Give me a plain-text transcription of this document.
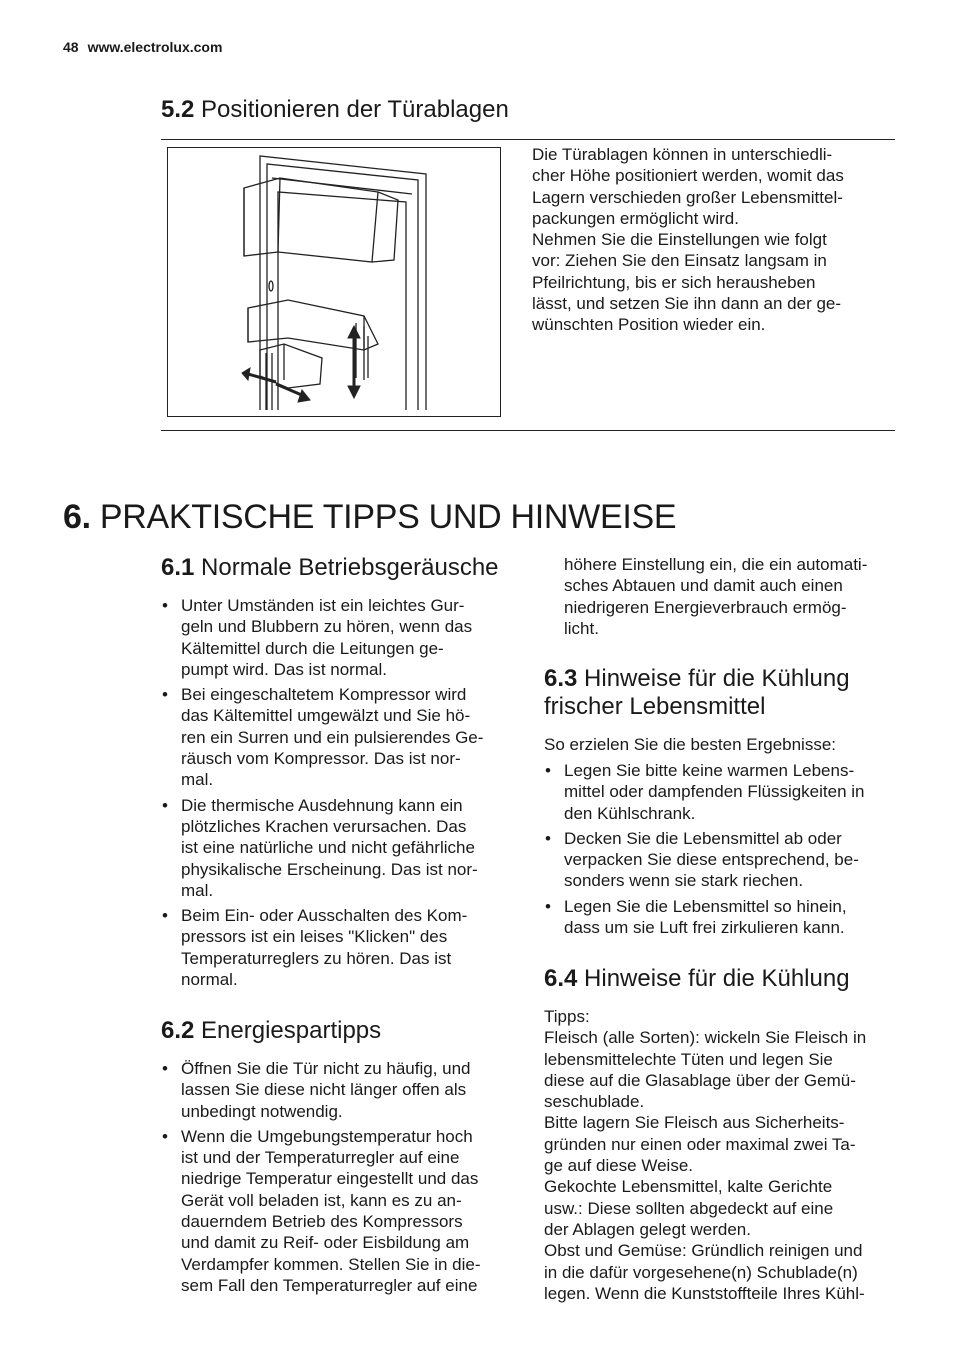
48 www.electrolux.com
5.2 Positionieren der Türablagen

Die Türablagen können in unterschiedli-

cher Höhe positioniert werden, womit das

Lagern verschieden großer Lebensmittel-

packungen ermöglicht wird.

Nehmen Sie die Einstellungen wie folgt

vor: Ziehen Sie den Einsatz langsam in

Pfeilrichtung, bis er sich herausheben

lässt, und setzen Sie ihn dann an der ge-

wünschten Position wieder ein.

6. PRAKTISCHE TIPPS UND HINWEISE
6.1 Normale Betriebsgeräusche
• Unter Umständen ist ein leichtes Gur-
geln und Blubbern zu hören, wenn das
Kältemittel durch die Leitungen ge-
pumpt wird. Das ist normal.
• Bei eingeschaltetem Kompressor wird
das Kältemittel umgewälzt und Sie hö-
ren ein Surren und ein pulsierendes Ge-
räusch vom Kompressor. Das ist nor-
mal.
• Die thermische Ausdehnung kann ein
plötzliches Krachen verursachen. Das
ist eine natürliche und nicht gefährliche
physikalische Erscheinung. Das ist nor-
mal.
• Beim Ein- oder Ausschalten des Kom-
pressors ist ein leises "Klicken" des
Temperaturreglers zu hören. Das ist
normal.
6.2 Energiespartipps
• Öffnen Sie die Tür nicht zu häufig, und
lassen Sie diese nicht länger offen als
unbedingt notwendig.
• Wenn die Umgebungstemperatur hoch
ist und der Temperaturregler auf eine
niedrige Temperatur eingestellt und das
Gerät voll beladen ist, kann es zu an-
dauerndem Betrieb des Kompressors
und damit zu Reif- oder Eisbildung am
Verdampfer kommen. Stellen Sie in die-
sem Fall den Temperaturregler auf eine

höhere Einstellung ein, die ein automati-

sches Abtauen und damit auch einen

niedrigeren Energieverbrauch ermög-

licht.

6.3 Hinweise für die Kühlung
frischer Lebensmittel
So erzielen Sie die besten Ergebnisse:
• Legen Sie bitte keine warmen Lebens-
mittel oder dampfenden Flüssigkeiten in
den Kühlschrank.
• Decken Sie die Lebensmittel ab oder
verpacken Sie diese entsprechend, be-
sonders wenn sie stark riechen.
• Legen Sie die Lebensmittel so hinein,
dass um sie Luft frei zirkulieren kann.
6.4 Hinweise für die Kühlung

Tipps:

Fleisch (alle Sorten): wickeln Sie Fleisch in

lebensmittelechte Tüten und legen Sie

diese auf die Glasablage über der Gemü-

seschublade.

Bitte lagern Sie Fleisch aus Sicherheits-

gründen nur einen oder maximal zwei Ta-

ge auf diese Weise.

Gekochte Lebensmittel, kalte Gerichte

usw.: Diese sollten abgedeckt auf eine

der Ablagen gelegt werden.

Obst und Gemüse: Gründlich reinigen und

in die dafür vorgesehene(n) Schublade(n)

legen. Wenn die Kunststoffteile Ihres Kühl-
